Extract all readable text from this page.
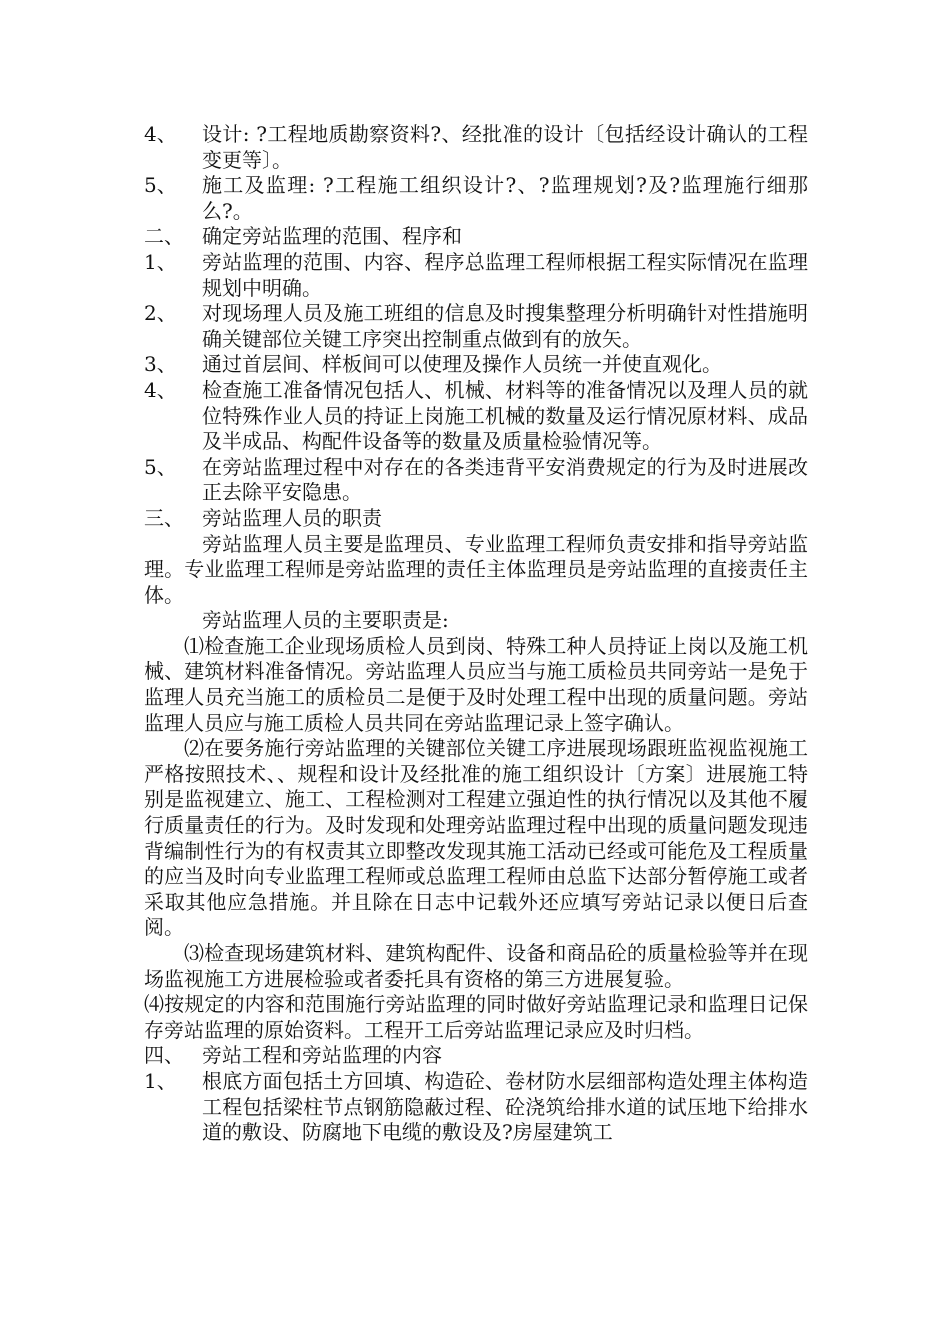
4、	设计: ?工程地质勘察资料?、经批准的设计〔包括经设计确认的工程变更等〕。
5、	施工及监理: ?工程施工组织设计?、?监理规划?及?监理施行细那么?。
二、 确定旁站监理的范围、程序和
1、	旁站监理的范围、内容、程序总监理工程师根据工程实际情况在监理规划中明确。
2、	对现场理人员及施工班组的信息及时搜集整理分析明确针对性措施明确关键部位关键工序突出控制重点做到有的放矢。
3、	通过首层间、样板间可以使理及操作人员统一并使直观化。
4、	检查施工准备情况包括人、机械、材料等的准备情况以及理人员的就位特殊作业人员的持证上岗施工机械的数量及运行情况原材料、成品及半成品、构配件设备等的数量及质量检验情况等。
5、	在旁站监理过程中对存在的各类违背平安消费规定的行为及时进展改正去除平安隐患。
三、 旁站监理人员的职责
旁站监理人员主要是监理员、专业监理工程师负责安排和指导旁站监理。专业监理工程师是旁站监理的责任主体监理员是旁站监理的直接责任主体。
旁站监理人员的主要职责是:
⑴检查施工企业现场质检人员到岗、特殊工种人员持证上岗以及施工机械、建筑材料准备情况。旁站监理人员应当与施工质检员共同旁站一是免于监理人员充当施工的质检员二是便于及时处理工程中出现的质量问题。旁站监理人员应与施工质检人员共同在旁站监理记录上签字确认。
⑵在要务施行旁站监理的关键部位关键工序进展现场跟班监视监视施工严格按照技术、、规程和设计及经批准的施工组织设计〔方案〕进展施工特别是监视建立、施工、工程检测对工程建立强迫性的执行情况以及其他不履行质量责任的行为。及时发现和处理旁站监理过程中出现的质量问题发现违背编制性行为的有权责其立即整改发现其施工活动已经或可能危及工程质量的应当及时向专业监理工程师或总监理工程师由总监下达部分暂停施工或者采取其他应急措施。并且除在日志中记载外还应填写旁站记录以便日后查阅。
⑶检查现场建筑材料、建筑构配件、设备和商品砼的质量检验等并在现场监视施工方进展检验或者委托具有资格的第三方进展复验。
⑷按规定的内容和范围施行旁站监理的同时做好旁站监理记录和监理日记保存旁站监理的原始资料。工程开工后旁站监理记录应及时归档。
四、 旁站工程和旁站监理的内容
1、	根底方面包括土方回填、构造砼、卷材防水层细部构造处理主体构造工程包括梁柱节点钢筋隐蔽过程、砼浇筑给排水道的试压地下给排水道的敷设、防腐地下电缆的敷设及?房屋建筑工
